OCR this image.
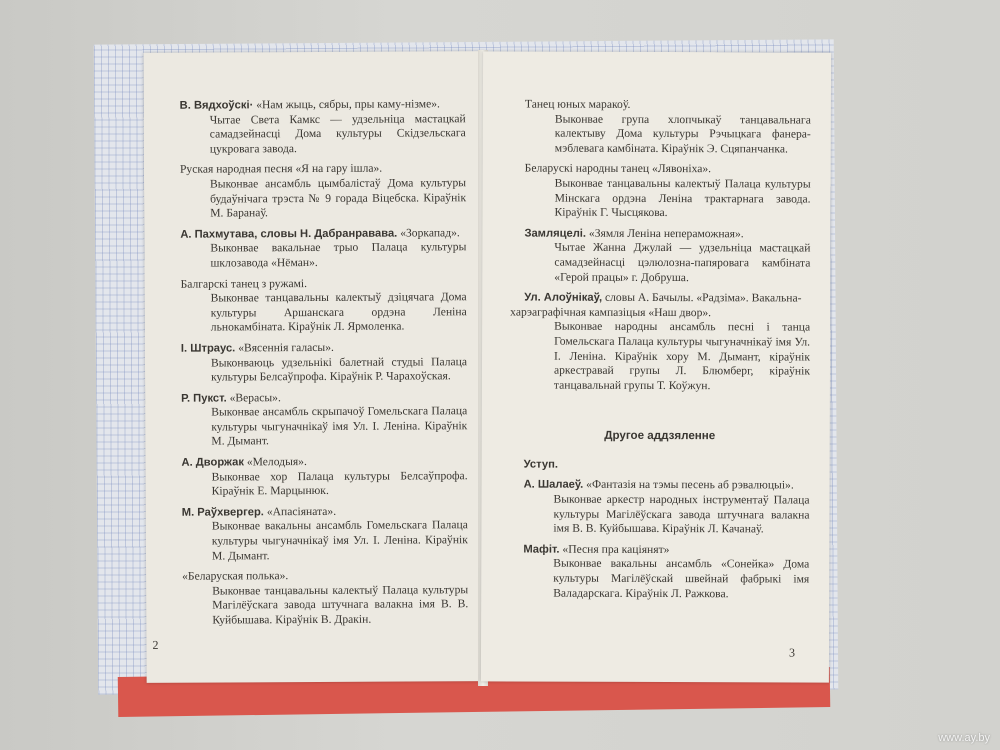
В. Вядхоўскі· «Нам жыць, сябры, пры каму-нізме».
Чытае Света Камкс — удзельніца мастацкай самадзейнасці Дома культуры Скідзельскага цукровага завода.
Руская народная песня «Я на гару ішла».
Выконвае ансамбль цымбалістаў Дома культуры будаўнічага трэста № 9 горада Віцебска. Кіраўнік М. Баранаў.
А. Пахмутава, словы Н. Дабранравава. «Зоркапад».
Выконвае вакальнае трыо Палаца культуры шклозавода «Нёман».
Балгарскі танец з ружамі.
Выконвае танцавальны калектыў дзіцячага Дома культуры Аршанскага ордэна Леніна льнокамбіната. Кіраўнік Л. Ярмоленка.
І. Штраус. «Вясеннія галасы».
Выконваюць удзельнікі балетнай студыі Палаца культуры Белсаўпрофа. Кіраўнік Р. Чарахоўская.
Р. Пукст. «Верасы».
Выконвае ансамбль скрыпачоў Гомельскага Палаца культуры чыгуначнікаў імя Ул. І. Леніна. Кіраўнік М. Дымант.
А. Дворжак «Мелодыя».
Выконвае хор Палаца культуры Белсаўпрофа. Кіраўнік Е. Марцынюк.
М. Раўхвергер. «Апасіяната».
Выконвае вакальны ансамбль Гомельскага Палаца культуры чыгуначнікаў імя Ул. І. Леніна. Кіраўнік М. Дымант.
«Беларуская полька».
Выконвае танцавальны калектыў Палаца культуры Магілёўскага завода штучнага валакна імя В. В. Куйбышава. Кіраўнік В. Дракін.
2
Танец юных маракоў.
Выконвае група хлопчыкаў танцавальнага калектыву Дома культуры Рэчыцкага фанера-мэблевага камбіната. Кіраўнік Э. Сцяпанчанка.
Беларускі народны танец «Лявоніха».
Выконвае танцавальны калектыў Палаца культуры Мінскага ордэна Леніна трактарнага завода. Кіраўнік Г. Чысцякова.
Замляцелі. «Зямля Леніна непераможная».
Чытае Жанна Джулай — удзельніца мастацкай самадзейнасці цэлюлозна-папяровага камбіната «Герой працы» г. Добруша.
Ул. Алоўнікаў, словы А. Бачылы. «Радзіма». Вакальна-харэаграфічная кампазіцыя «Наш двор».
Выконвае народны ансамбль песні і танца Гомельскага Палаца культуры чыгуначнікаў імя Ул. І. Леніна. Кіраўнік хору М. Дымант, кіраўнік аркестравай групы Л. Блюмберг, кіраўнік танцавальнай групы Т. Коўжун.
Другое аддзяленне
Уступ.
А. Шалаеў. «Фантазія на тэмы песень аб рэвалюцыі».
Выконвае аркестр народных інструментаў Палаца культуры Магілёўскага завода штучнага валакна імя В. В. Куйбышава. Кіраўнік Л. Качанаў.
Мафіт. «Песня пра каціянят»
Выконвае вакальны ансамбль «Сонейка» Дома культуры Магілёўскай швейнай фабрыкі імя Валадарскага. Кіраўнік Л. Ражкова.
3
www.ay.by
